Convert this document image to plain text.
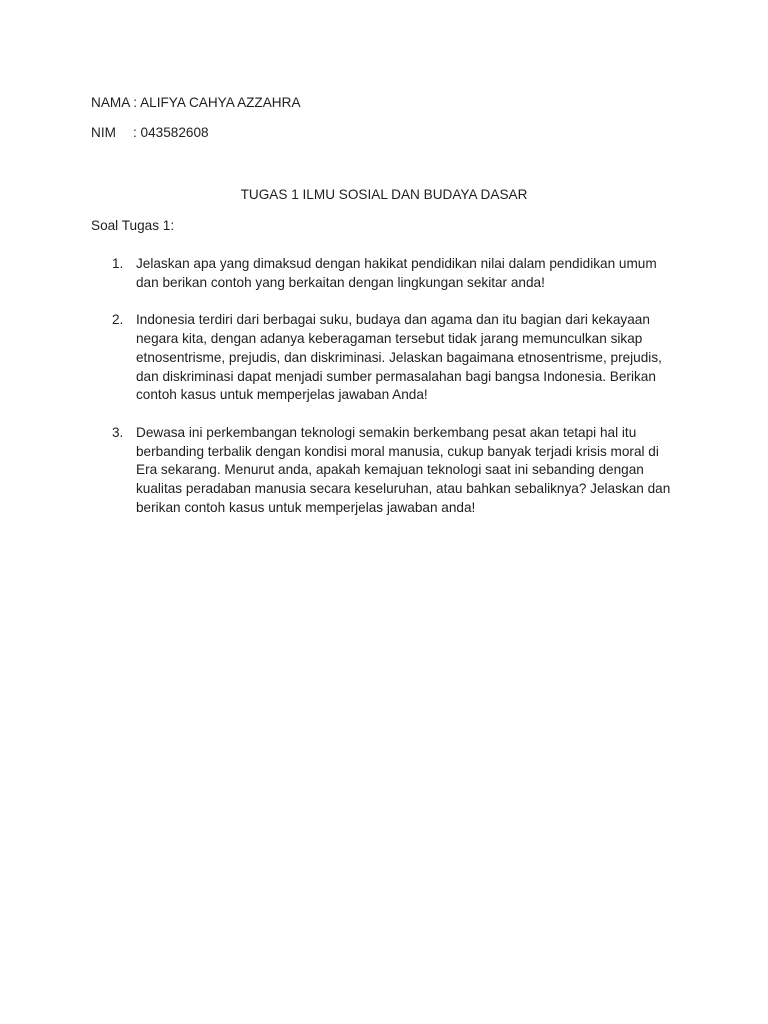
NAMA : ALIFYA CAHYA AZZAHRA
NIM : 043582608
TUGAS 1 ILMU SOSIAL DAN BUDAYA DASAR
Soal Tugas 1:
1. Jelaskan apa yang dimaksud dengan hakikat pendidikan nilai dalam pendidikan umum
dan berikan contoh yang berkaitan dengan lingkungan sekitar anda!
2. Indonesia terdiri dari berbagai suku, budaya dan agama dan itu bagian dari kekayaan
negara kita, dengan adanya keberagaman tersebut tidak jarang memunculkan sikap
etnosentrisme, prejudis, dan diskriminasi. Jelaskan bagaimana etnosentrisme, prejudis,
dan diskriminasi dapat menjadi sumber permasalahan bagi bangsa Indonesia. Berikan
contoh kasus untuk memperjelas jawaban Anda!
3. Dewasa ini perkembangan teknologi semakin berkembang pesat akan tetapi hal itu
berbanding terbalik dengan kondisi moral manusia, cukup banyak terjadi krisis moral di
Era sekarang. Menurut anda, apakah kemajuan teknologi saat ini sebanding dengan
kualitas peradaban manusia secara keseluruhan, atau bahkan sebaliknya? Jelaskan dan
berikan contoh kasus untuk memperjelas jawaban anda!
